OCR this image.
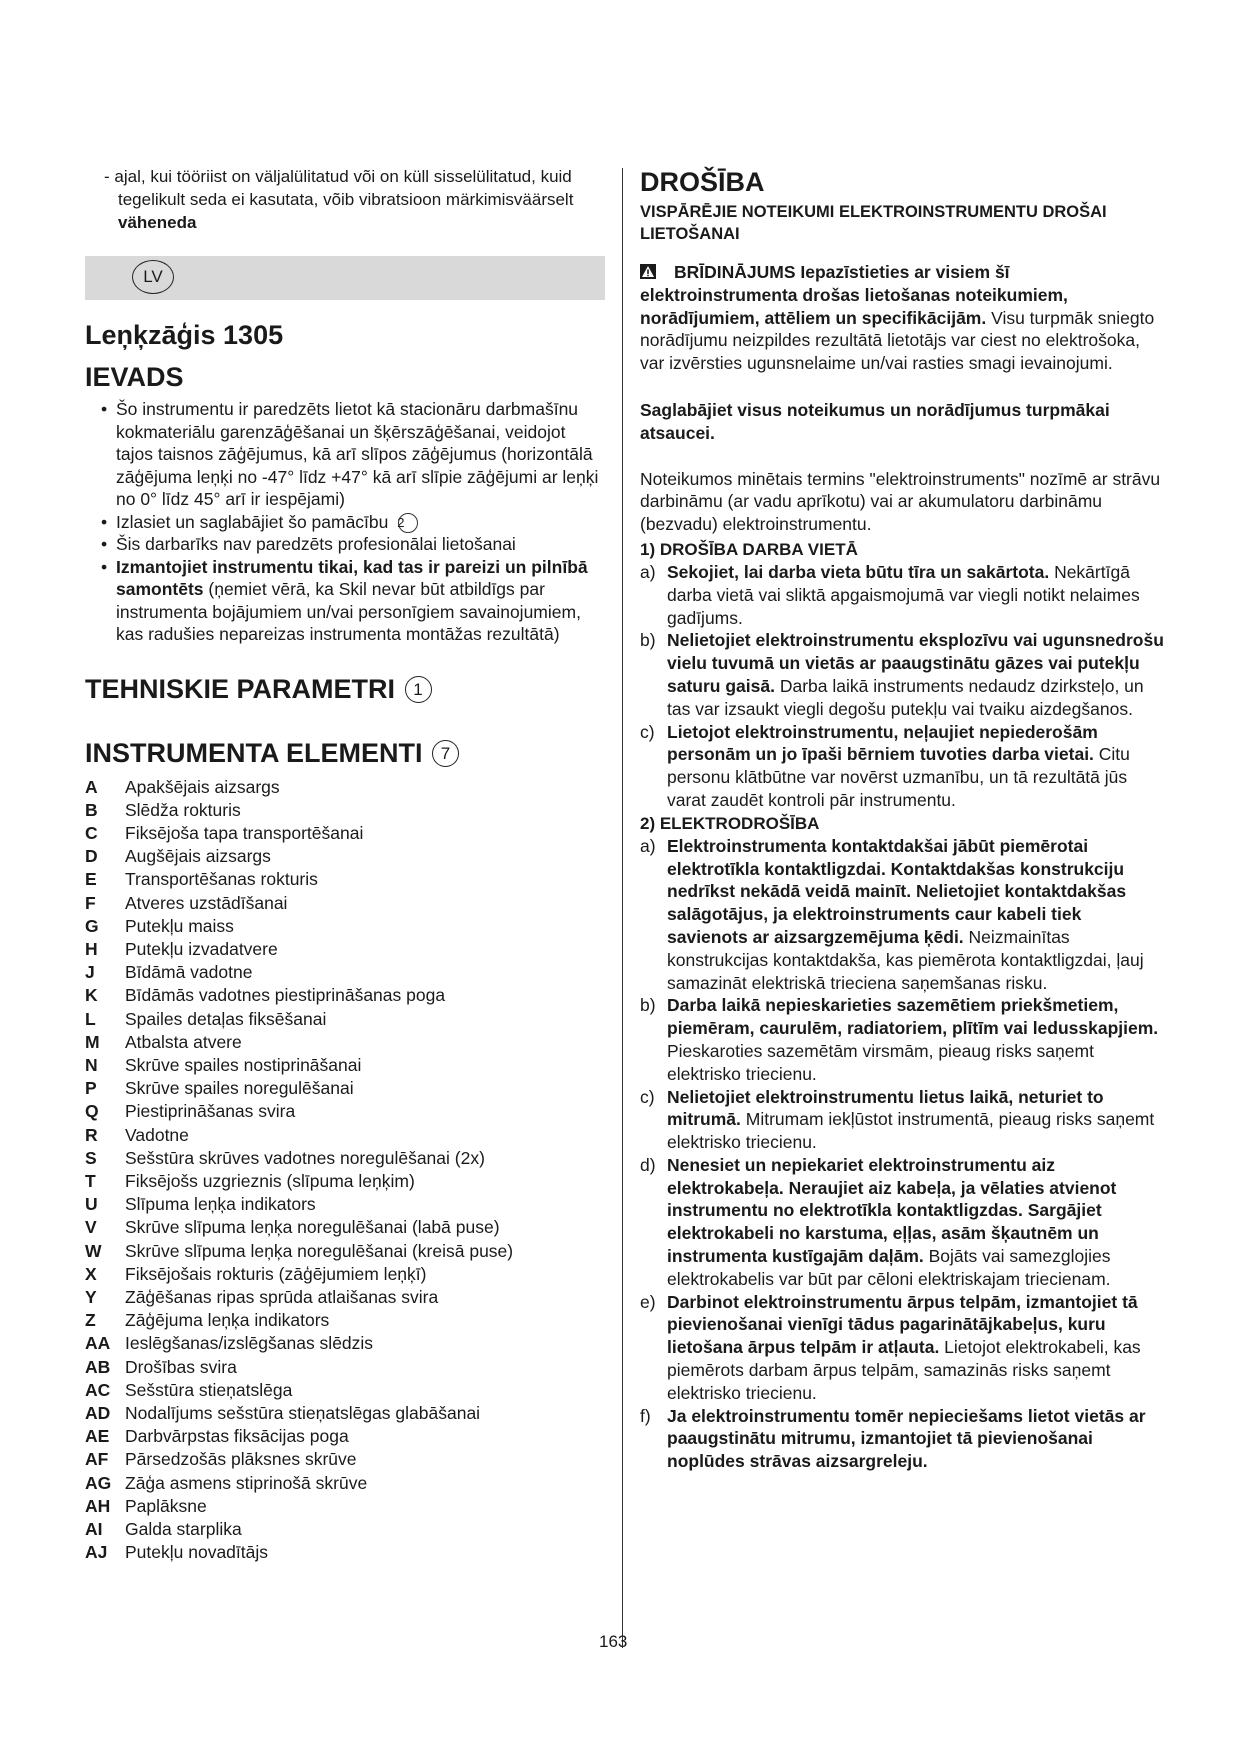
- ajal, kui tööriist on väljalülitatud või on küll sisselülitatud, kuid tegelikult seda ei kasutata, võib vibratsioon märkimisväärselt väheneda
LV
Leņķzāģis 1305
IEVADS
• Šo instrumentu ir paredzēts lietot kā stacionāru darbmašīnu kokmateriālu garenzāģēšanai un šķērszāģēšanai, veidojot tajos taisnos zāģējumus, kā arī slīpos zāģējumus (horizontālā zāģējuma leņķi no -47° līdz +47° kā arī slīpie zāģējumi ar leņķi no 0° līdz 45° arī ir iespējami)
• Izlasiet un saglabājiet šo pamācību 2
• Šis darbarīks nav paredzēts profesionālai lietošanai
• Izmantojiet instrumentu tikai, kad tas ir pareizi un pilnībā samontēts (ņemiet vērā, ka Skil nevar būt atbildīgs par instrumenta bojājumiem un/vai personīgiem savainojumiem, kas radušies nepareizas instrumenta montāžas rezultātā)
TEHNISKIE PARAMETRI 1
INSTRUMENTA ELEMENTI 7
A	Apakšējais aizsargs
B	Slēdža rokturis
C	Fiksējoša tapa transportēšanai
D	Augšējais aizsargs
E	Transportēšanas rokturis
F	Atveres uzstādīšanai
G	Putekļu maiss
H	Putekļu izvadatvere
J	Bīdāmā vadotne
K	Bīdāmās vadotnes piestiprināšanas poga
L	Spailes detaļas fiksēšanai
M	Atbalsta atvere
N	Skrūve spailes nostiprināšanai
P	Skrūve spailes noregulēšanai
Q	Piestiprināšanas svira
R	Vadotne
S	Sešstūra skrūves vadotnes noregulēšanai (2x)
T	Fiksējošs uzgrieznis (slīpuma leņķim)
U	Slīpuma leņķa indikators
V	Skrūve slīpuma leņķa noregulēšanai (labā puse)
W	Skrūve slīpuma leņķa noregulēšanai (kreisā puse)
X	Fiksējošais rokturis (zāģējumiem leņķī)
Y	Zāģēšanas ripas sprūda atlaišanas svira
Z	Zāģējuma leņķa indikators
AA Ieslēgšanas/izslēgšanas slēdzis
AB Drošības svira
AC Sešstūra stieņatslēga
AD Nodalījums sešstūra stieņatslēgas glabāšanai
AE Darbvārpstas fiksācijas poga
AF Pārsedzošās plāksnes skrūve
AG Zāģa asmens stiprinošā skrūve
AH Paplāksne
AI	Galda starplika
AJ	Putekļu novadītājs
DROŠĪBA
VISPĀRĒJIE NOTEIKUMI ELEKTROINSTRUMENTU DROŠAI LIETOŠANAI
BRĪDINĀJUMS Iepazīstieties ar visiem šī elektroinstrumenta drošas lietošanas noteikumiem, norādījumiem, attēliem un specifikācijām. Visu turpmāk sniegto norādījumu neizpildes rezultātā lietotājs var ciest no elektrošoka, var izvērsties ugunsnelaime un/vai rasties smagi ievainojumi.
Saglabājiet visus noteikumus un norādījumus turpmākai atsaucei.
Noteikumos minētais termins "elektroinstruments" nozīmē ar strāvu darbināmu (ar vadu aprīkotu) vai ar akumulatoru darbināmu (bezvadu) elektroinstrumentu.
1) DROŠĪBA DARBA VIETĀ
a) Sekojiet, lai darba vieta būtu tīra un sakārtota. Nekārtīgā darba vietā vai sliktā apgaismojumā var viegli notikt nelaimes gadījums.
b) Nelietojiet elektroinstrumentu eksplozīvu vai ugunsnedrošu vielu tuvumā un vietās ar paaugstinātu gāzes vai putekļu saturu gaisā. Darba laikā instruments nedaudz dzirksteļo, un tas var izsaukt viegli degošu putekļu vai tvaiku aizdegšanos.
c) Lietojot elektroinstrumentu, neļaujiet nepiederošām personām un jo īpaši bērniem tuvoties darba vietai. Citu personu klātbūtne var novērst uzmanību, un tā rezultātā jūs varat zaudēt kontroli pār instrumentu.
2) ELEKTRODROŠĪBA
a) Elektroinstrumenta kontaktdakšai jābūt piemērotai elektrotīkla kontaktligzdai. Kontaktdakšas konstrukciju nedrīkst nekādā veidā mainīt. Nelietojiet kontaktdakšas salāgotājus, ja elektroinstruments caur kabeli tiek savienots ar aizsargzemējuma ķēdi. Neizmainītas konstrukcijas kontaktdakša, kas piemērota kontaktligzdai, ļauj samazināt elektriskā trieciena saņemšanas risku.
b) Darba laikā nepieskarieties sazemētiem priekšmetiem, piemēram, caurulēm, radiatoriem, plītīm vai ledusskapjiem. Pieskaroties sazemētām virsmām, pieaug risks saņemt elektrisko triecienu.
c) Nelietojiet elektroinstrumentu lietus laikā, neturiet to mitrumā. Mitrumam iekļūstot instrumentā, pieaug risks saņemt elektrisko triecienu.
d) Nenesiet un nepiekariet elektroinstrumentu aiz elektrokabeļa. Neraujiet aiz kabeļa, ja vēlaties atvienot instrumentu no elektrotīkla kontaktligzdas. Sargājiet elektrokabeli no karstuma, eļļas, asām šķautnēm un instrumenta kustīgajām daļām. Bojāts vai samezglojies elektrokabelis var būt par cēloni elektriskajam triecienam.
e) Darbinot elektroinstrumentu ārpus telpām, izmantojiet tā pievienošanai vienīgi tādus pagarinātājkabeļus, kuru lietošana ārpus telpām ir atļauta. Lietojot elektrokabeli, kas piemērots darbam ārpus telpām, samazinās risks saņemt elektrisko triecienu.
f) Ja elektroinstrumentu tomēr nepieciešams lietot vietās ar paaugstinātu mitrumu, izmantojiet tā pievienošanai noplūdes strāvas aizsargreleju.
163
